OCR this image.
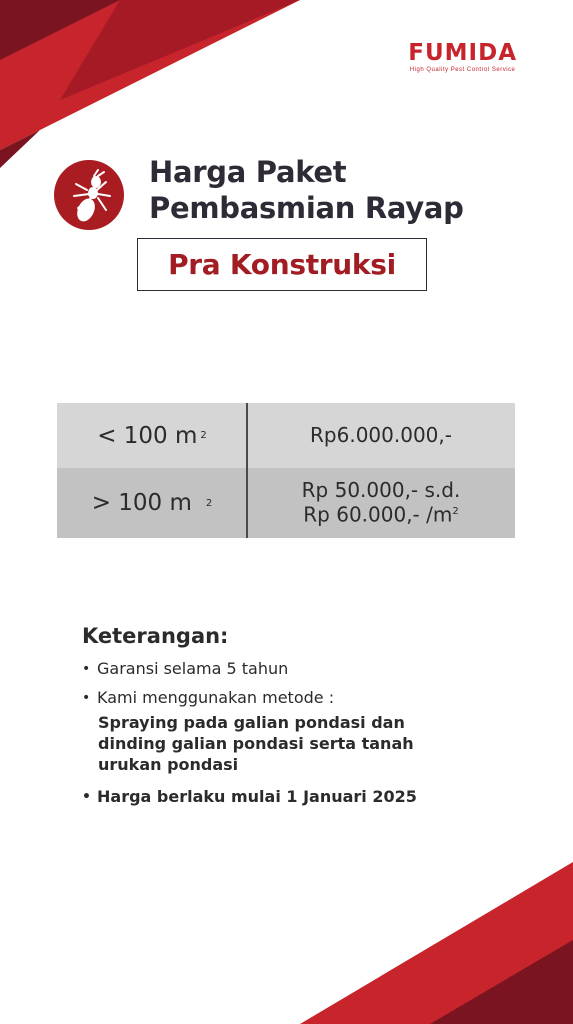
FUMIDA
High Quality Pest Control Service
Harga Paket
Pembasmian Rayap
Pra Konstruksi
< 100 m 2	Rp6.000.000,-
> 100 m 2
Rp 50.000,- s.d.
Rp 60.000,- $/m^2$
Keterangan:
• Garansi selama 5 tahun
• Kami menggunakan metode :
Spraying pada galian pondasi dan dinding galian pondasi serta tanah urukan pondasi
• Harga berlaku mulai 1 Januari 2025
